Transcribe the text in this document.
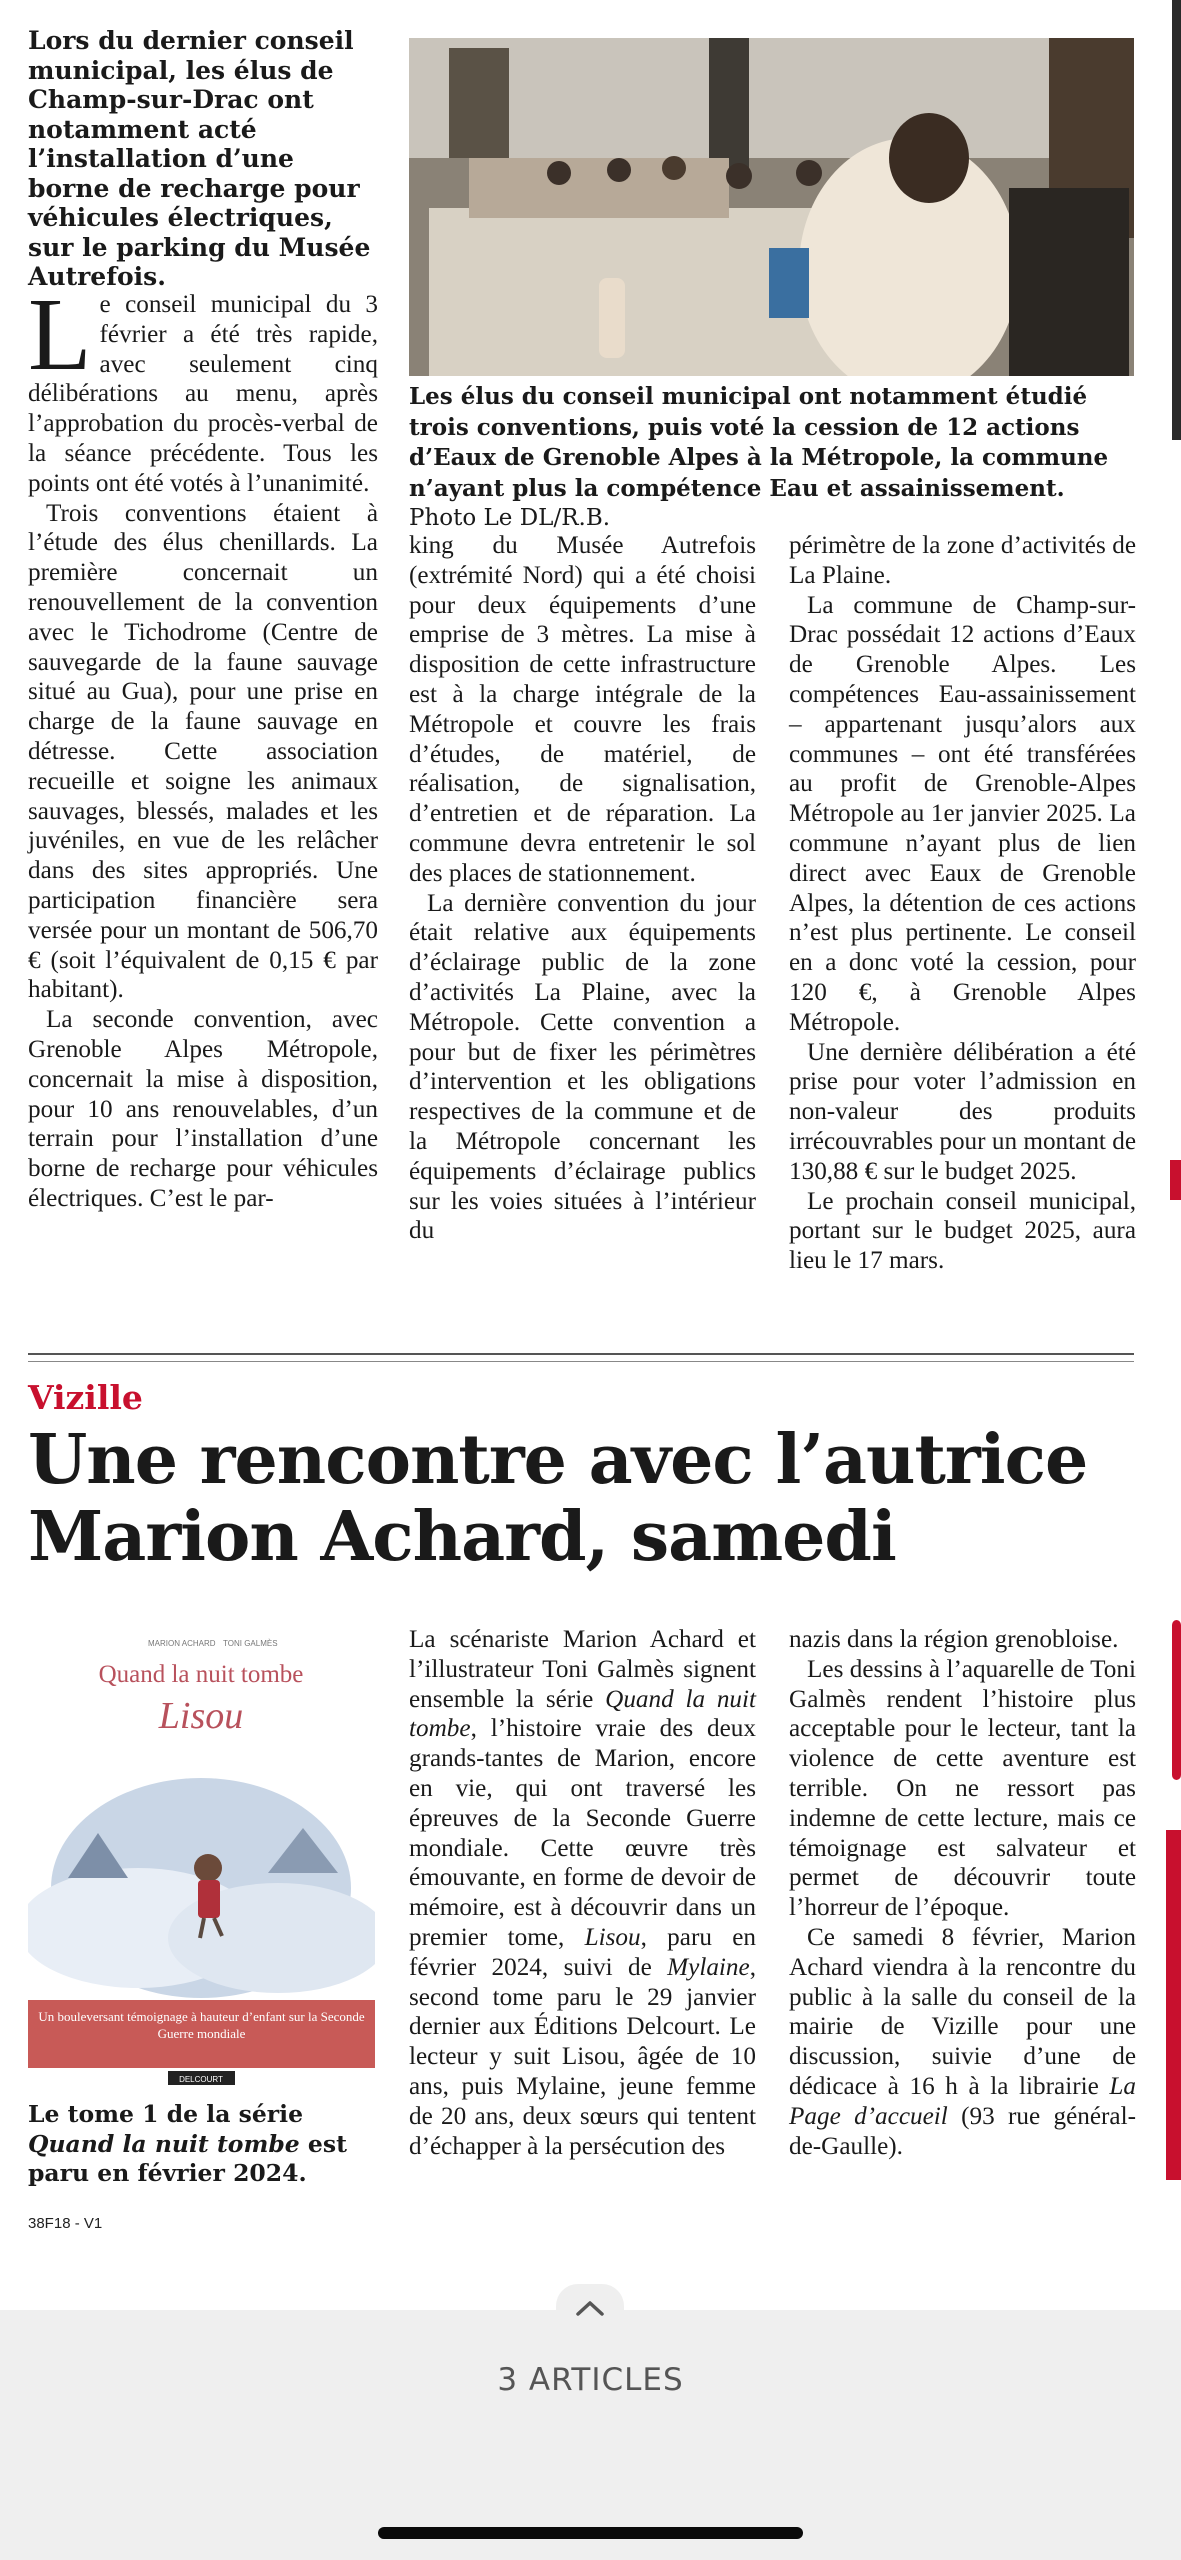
Lors du dernier conseil municipal, les élus de Champ-sur-Drac ont notamment acté l’installation d’une borne de recharge pour véhicules électriques, sur le parking du Musée Autrefois.
Les élus du conseil municipal ont notamment étudié trois conventions, puis voté la cession de 12 actions d’Eaux de Grenoble Alpes à la Métropole, la commune n’ayant plus la compétence Eau et assainissement. Photo Le DL/R.B.

Le conseil municipal du 3 février a été très rapide, avec seulement cinq délibérations au menu, après l’approbation du procès-verbal de la séance précédente. Tous les points ont été votés à l’unanimité.

Trois conventions étaient à l’étude des élus chenillards. La première concernait un renouvellement de la convention avec le Tichodrome (Centre de sauvegarde de la faune sauvage situé au Gua), pour une prise en charge de la faune sauvage en détresse. Cette association recueille et soigne les animaux sauvages, blessés, malades et les juvéniles, en vue de les relâcher dans des sites appropriés. Une participation financière sera versée pour un montant de 506,70 € (soit l’équivalent de 0,15 € par habitant).

La seconde convention, avec Grenoble Alpes Métropole, concernait la mise à disposition, pour 10 ans renouvelables, d’un terrain pour l’installation d’une borne de recharge pour véhicules électriques. C’est le par-

king du Musée Autrefois (extrémité Nord) qui a été choisi pour deux équipements d’une emprise de 3 mètres. La mise à disposition de cette infrastructure est à la charge intégrale de la Métropole et couvre les frais d’études, de matériel, de réalisation, de signalisation, d’entretien et de réparation. La commune devra entretenir le sol des places de stationnement.

La dernière convention du jour était relative aux équipements d’éclairage public de la zone d’activités La Plaine, avec la Métropole. Cette convention a pour but de fixer les périmètres d’intervention et les obligations respectives de la commune et de la Métropole concernant les équipements d’éclairage publics sur les voies situées à l’intérieur du

périmètre de la zone d’activités de La Plaine.

La commune de Champ-sur-Drac possédait 12 actions d’Eaux de Grenoble Alpes. Les compétences Eau-assainissement – appartenant jusqu’alors aux communes – ont été transférées au profit de Grenoble-Alpes Métropole au 1er janvier 2025. La commune n’ayant plus de lien direct avec Eaux de Grenoble Alpes, la détention de ces actions n’est plus pertinente. Le conseil en a donc voté la cession, pour 120 €, à Grenoble Alpes Métropole.

Une dernière délibération a été prise pour voter l’admission en non-valeur des produits irrécouvrables pour un montant de 130,88 € sur le budget 2025.

Le prochain conseil municipal, portant sur le budget 2025, aura lieu le 17 mars.

Vizille
Une rencontre avec l’autrice Marion Achard, samedi
MARION ACHARD TONI GALMÈS
Quand la nuit tombe
Lisou
Un bouleversant témoignage à hauteur d’enfant sur la Seconde Guerre mondiale
DELCOURT
Le tome 1 de la série Quand la nuit tombe est paru en février 2024.

La scénariste Marion Achard et l’illustrateur Toni Galmès signent ensemble la série Quand la nuit tombe, l’histoire vraie des deux grands-tantes de Marion, encore en vie, qui ont traversé les épreuves de la Seconde Guerre mondiale. Cette œuvre très émouvante, en forme de devoir de mémoire, est à découvrir dans un premier tome, Lisou, paru en février 2024, suivi de Mylaine, second tome paru le 29 janvier dernier aux Éditions Delcourt. Le lecteur y suit Lisou, âgée de 10 ans, puis Mylaine, jeune femme de 20 ans, deux sœurs qui tentent d’échapper à la persécution des

nazis dans la région grenobloise.

Les dessins à l’aquarelle de Toni Galmès rendent l’histoire plus acceptable pour le lecteur, tant la violence de cette aventure est terrible. On ne ressort pas indemne de cette lecture, mais ce témoignage est salvateur et permet de découvrir toute l’horreur de l’époque.

Ce samedi 8 février, Marion Achard viendra à la rencontre du public à la salle du conseil de la mairie de Vizille pour une discussion, suivie d’une de dédicace à 16 h à la librairie La Page d’accueil (93 rue général-de-Gaulle).

38F18 - V1
3 ARTICLES
